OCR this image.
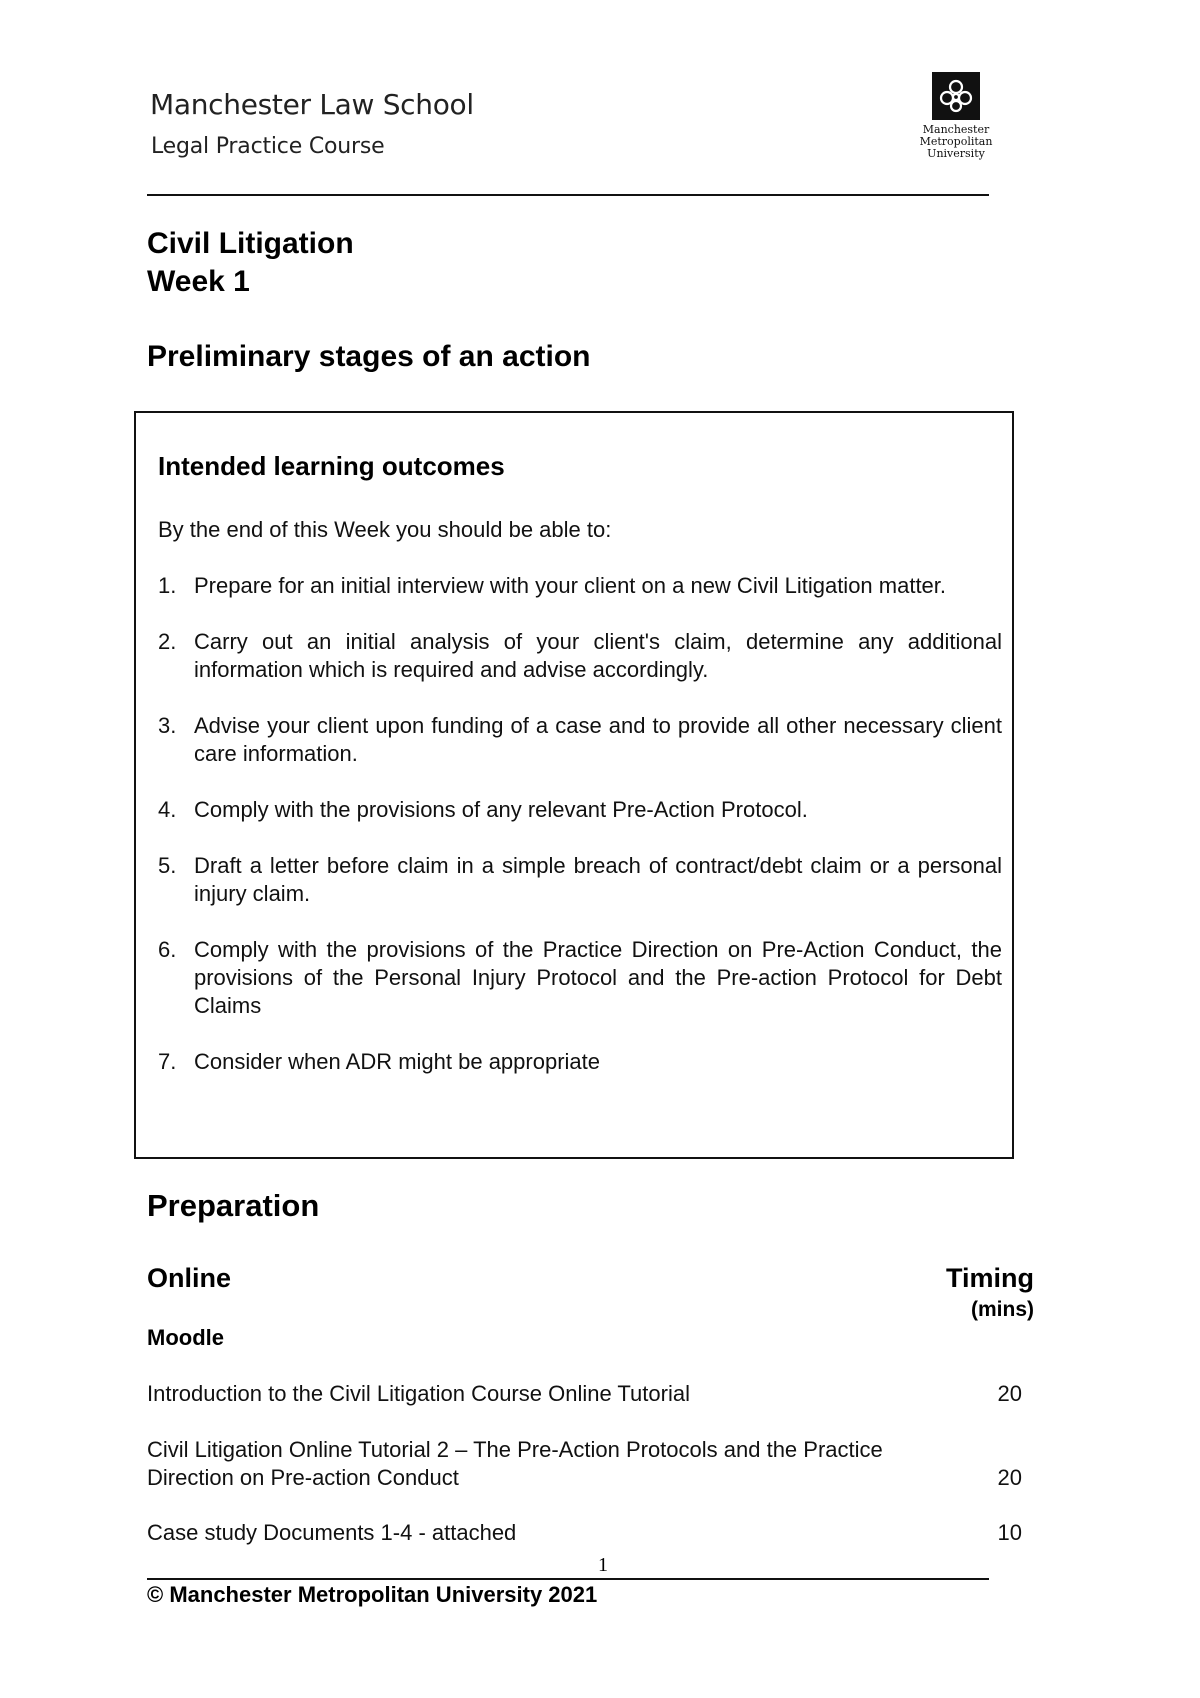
Manchester Law School
Legal Practice Course
Manchester
Metropolitan
University
Civil Litigation
Week 1
Preliminary stages of an action
Intended learning outcomes
By the end of this Week you should be able to:
1. Prepare for an initial interview with your client on a new Civil Litigation matter.
2. Carry out an initial analysis of your client's claim, determine any additional information which is required and advise accordingly.
3. Advise your client upon funding of a case and to provide all other necessary client care information.
4. Comply with the provisions of any relevant Pre-Action Protocol.
5. Draft a letter before claim in a simple breach of contract/debt claim or a personal injury claim.
6. Comply with the provisions of the Practice Direction on Pre-Action Conduct, the provisions of the Personal Injury Protocol and the Pre-action Protocol for Debt Claims
7. Consider when ADR might be appropriate
Preparation
Online	Timing
(mins)
Moodle
Introduction to the Civil Litigation Course Online Tutorial	20
Civil Litigation Online Tutorial 2 – The Pre-Action Protocols and the Practice Direction on Pre-action Conduct	20
Case study Documents 1-4 - attached	10
1
© Manchester Metropolitan University 2021
